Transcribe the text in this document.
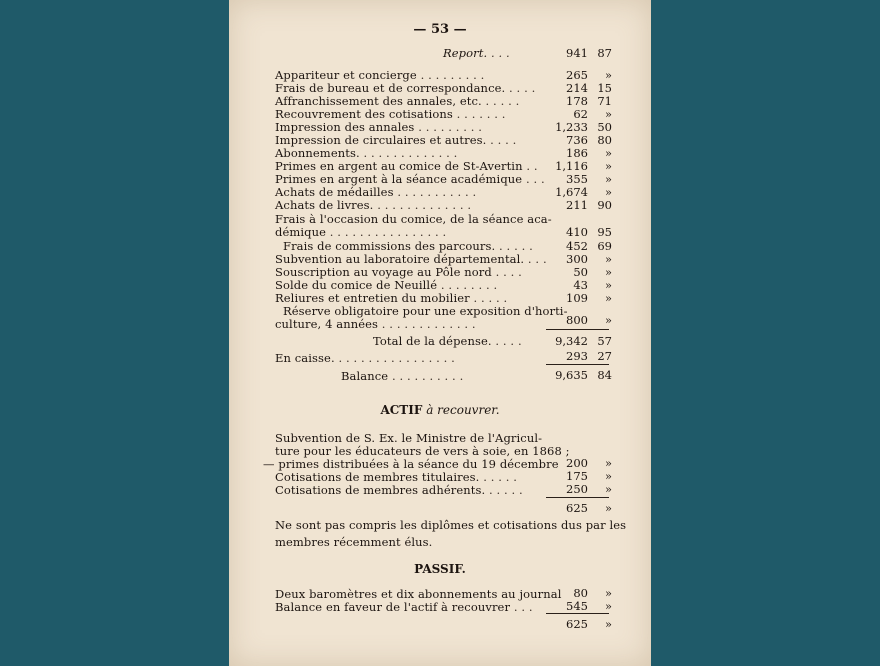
— 53 —
Report. . . .	941 87
Appariteur et concierge . . . . . . . . .	265	»
Frais de bureau et de correspondance. . . . .	214 15
Affranchissement des annales, etc. . . . . .	178 71
Recouvrement des cotisations . . . . . . .	62	»
Impression des annales . . . . . . . . .	1,233 50
Impression de circulaires et autres. . . . .	736 80
Abonnements. . . . . . . . . . . . . .	186	»
Primes en argent au comice de St-Avertin . .	1,116	»
Primes en argent à la séance académique . . .	355	»
Achats de médailles . . . . . . . . . . .	1,674	»
Achats de livres. . . . . . . . . . . . . .	211 90
Frais à l'occasion du comice, de la séance aca-
démique . . . . . . . . . . . . . . . .	410 95
Frais de commissions des parcours. . . . . .	452 69
Subvention au laboratoire départemental. . . .	300	»
Souscription au voyage au Pôle nord . . . .	50	»
Solde du comice de Neuillé . . . . . . . .	43	»
Reliures et entretien du mobilier . . . . .	109	»
Réserve obligatoire pour une exposition d'horti-
culture, 4 années . . . . . . . . . . . . .	800	»
Total de la dépense. . . . .	9,342 57
En caisse. . . . . . . . . . . . . . . . .	293 27
Balance . . . . . . . . . .	9,635 84
ACTIF à recouvrer.
Subvention de S. Ex. le Ministre de l'Agricul-
ture pour les éducateurs de vers à soie, en 1868 ;
— primes distribuées à la séance du 19 décembre 200	»
Cotisations de membres titulaires. . . . . .	175	»
Cotisations de membres adhérents. . . . . .	250	»
625	»
Ne sont pas compris les diplômes et cotisations dus par les
membres récemment élus.
PASSIF.
Deux baromètres et dix abonnements au journal	80	»
Balance en faveur de l'actif à recouvrer . . .	545	»
625	»
